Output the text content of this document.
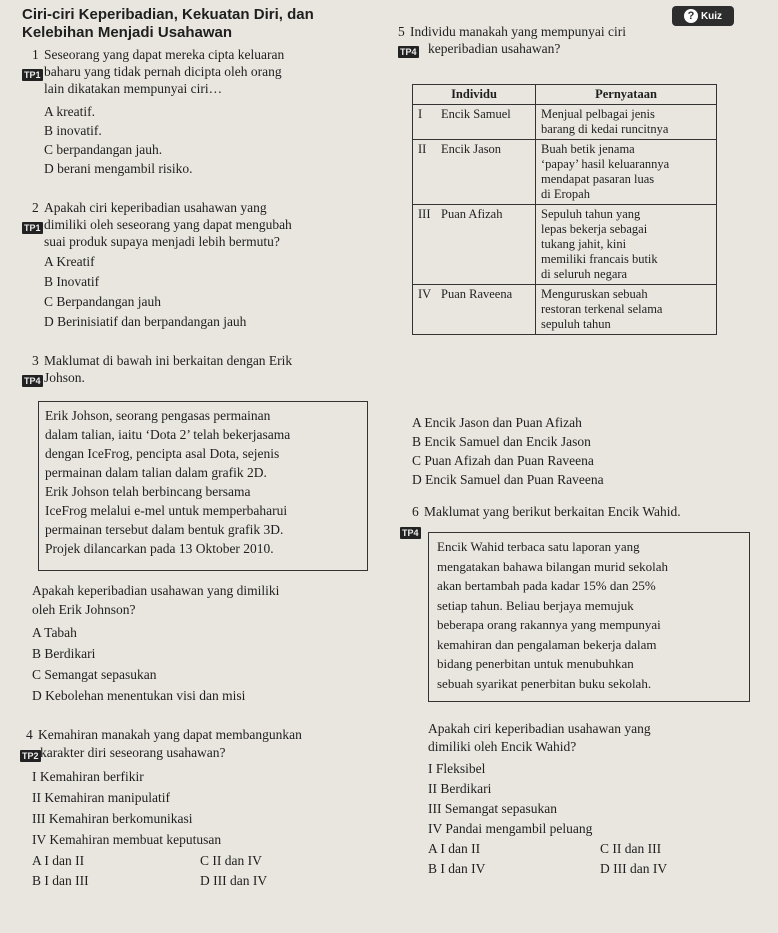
Ciri-ciri Keperibadian, Kekuatan Diri, dan
Kelebihan Menjadi Usahawan
? Kuiz
1 Seseorang yang dapat mereka cipta keluaran
TP1 baharu yang tidak pernah dicipta oleh orang
lain dikatakan mempunyai ciri…
A kreatif.
B inovatif.
C berpandangan jauh.
D berani mengambil risiko.
2 Apakah ciri keperibadian usahawan yang
TP1 dimiliki oleh seseorang yang dapat mengubah
suai produk supaya menjadi lebih bermutu?
A Kreatif
B Inovatif
C Berpandangan jauh
D Berinisiatif dan berpandangan jauh
3 Maklumat di bawah ini berkaitan dengan Erik
TP4 Johson.
Erik Johson, seorang pengasas permainan
dalam talian, iaitu ‘Dota 2’ telah bekerjasama
dengan IceFrog, pencipta asal Dota, sejenis
permainan dalam talian dalam grafik 2D.
Erik Johson telah berbincang bersama
IceFrog melalui e-mel untuk memperbaharui
permainan tersebut dalam bentuk grafik 3D.
Projek dilancarkan pada 13 Oktober 2010.
Apakah keperibadian usahawan yang dimiliki
oleh Erik Johnson?
A Tabah
B Berdikari
C Semangat sepasukan
D Kebolehan menentukan visi dan misi
4 Kemahiran manakah yang dapat membangunkan
TP2 karakter diri seseorang usahawan?
I Kemahiran berfikir
II Kemahiran manipulatif
III Kemahiran berkomunikasi
IV Kemahiran membuat keputusan
A I dan II	C II dan IV
B I dan III	D III dan IV
5 Individu manakah yang mempunyai ciri
TP4 keperibadian usahawan?
Individu		Pernyataan
I	Encik Samuel	Menjual pelbagai jenis
barang di kedai runcitnya

II	Encik Jason	Buah betik jenama
‘papay’ hasil keluarannya
mendapat pasaran luas
di Eropah

III	Puan Afizah	Sepuluh tahun yang
lepas bekerja sebagai
tukang jahit, kini
memiliki francais butik
di seluruh negara

IV	Puan Raveena	Menguruskan sebuah
restoran terkenal selama
sepuluh tahun
A Encik Jason dan Puan Afizah
B Encik Samuel dan Encik Jason
C Puan Afizah dan Puan Raveena
D Encik Samuel dan Puan Raveena
6 Maklumat yang berikut berkaitan Encik Wahid.
TP4
Encik Wahid terbaca satu laporan yang
mengatakan bahawa bilangan murid sekolah
akan bertambah pada kadar 15% dan 25%
setiap tahun. Beliau berjaya memujuk
beberapa orang rakannya yang mempunyai
kemahiran dan pengalaman bekerja dalam
bidang penerbitan untuk menubuhkan
sebuah syarikat penerbitan buku sekolah.
Apakah ciri keperibadian usahawan yang
dimiliki oleh Encik Wahid?
I Fleksibel
II Berdikari
III Semangat sepasukan
IV Pandai mengambil peluang
A I dan II	C II dan III
B I dan IV	D III dan IV
